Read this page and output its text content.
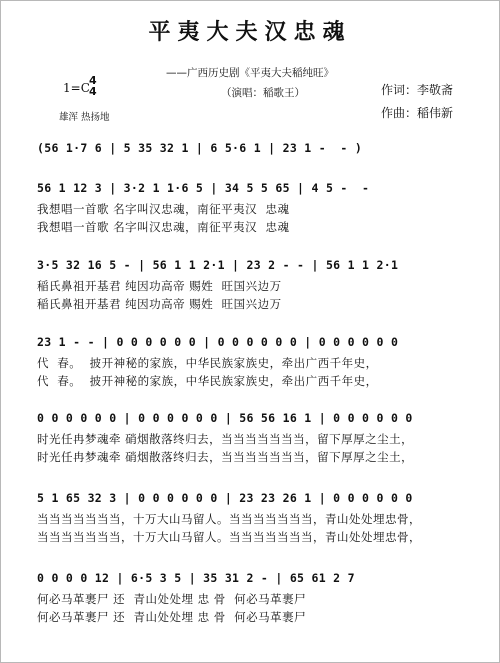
平夷大夫汉忠魂
——广西历史剧《平夷大夫稲纯旺》
（演唱：稲歌王）
1=C
4
4	作词：李敬斋
作曲：稲伟新
雄浑 热扬地
(56 1·7 6 | 5 35 32 1 | 6 5·6 1 | 23 1 -  - )
56 1 12 3 | 3·2 1 1·6 5 | 34 5 5 65 | 4 5 -  -
我想唱一首歌 名字叫汉忠魂，南征平夷汉  忠魂
我想唱一首歌 名字叫汉忠魂，南征平夷汉  忠魂
3·5 32 16 5 - | 56 1 1 2·1 | 23 2 - - | 56 1 1 2·1
稲氏鼻祖开基君 纯因功高帝 赐姓  旺国兴边万
稲氏鼻祖开基君 纯因功高帝 赐姓  旺国兴边万
23 1 - - | 0 0 0 0 0 0 | 0 0 0 0 0 0 | 0 0 0 0 0 0
代  春。  披开神秘的家族，中华民族家族史，牵出广西千年史，
代  春。  披开神秘的家族，中华民族家族史，牵出广西千年史，
0 0 0 0 0 0 | 0 0 0 0 0 0 | 56 56 16 1 | 0 0 0 0 0 0
时光任冉梦魂牵 硝烟散落终归去，当当当当当当当，留下厚厚之尘土，
时光任冉梦魂牵 硝烟散落终归去，当当当当当当当，留下厚厚之尘土，
5 1 65 32 3 | 0 0 0 0 0 0 | 23 23 26 1 | 0 0 0 0 0 0
当当当当当当当，十万大山马留人。当当当当当当当，青山处处埋忠骨，
当当当当当当当，十万大山马留人。当当当当当当当，青山处处埋忠骨，
0 0 0 0 12 | 6·5 3 5 | 35 31 2 - | 65 61 2 7
何必马革裹尸 还  青山处处埋 忠 骨  何必马革裹尸
何必马革裹尸 还  青山处处埋 忠 骨  何必马革裹尸
